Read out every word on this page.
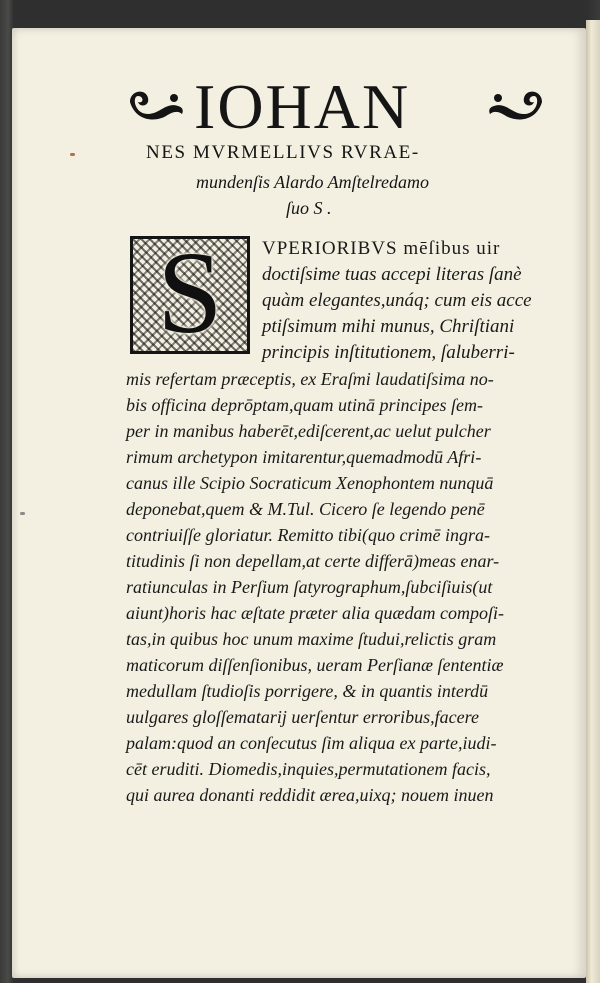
IOHAN
NES MVRMELLIVS RVRAE-
mundenſis Alardo Amſtelredamo
ſuo S .
S	VPERIORIBVS mēſibus uir
doctiſsime tuas accepi literas ſanè
quàm elegantes,unáq; cum eis acce
ptiſsimum mihi munus, Chriſtiani
principis inſtitutionem, ſaluberri-
mis refertam præceptis, ex Eraſmi laudatiſsima no-
bis officina deprōptam,quam utinā principes ſem-
per in manibus haberēt,ediſcerent,ac uelut pulcher
rimum archetypon imitarentur,quemadmodū Afri-
canus ille Scipio Socraticum Xenophontem nunquā
deponebat,quem & M.Tul. Cicero ſe legendo penē
contriuiſſe gloriatur. Remitto tibi(quo crimē ingra-
titudinis ſi non depellam,at certe differā)meas enar-
ratiunculas in Perſium ſatyrographum,ſubciſiuis(ut
aiunt)horis hac æſtate præter alia quædam compoſi-
tas,in quibus hoc unum maxime ſtudui,relictis gram
maticorum diſſenſionibus, ueram Perſianæ ſententiæ
medullam ſtudioſis porrigere, & in quantis interdū
uulgares gloſſematarij uerſentur erroribus,facere
palam:quod an conſecutus ſim aliqua ex parte,iudi-
cēt eruditi. Diomedis,inquies,permutationem facis,
qui aurea donanti reddidit ærea,uixq; nouem inuen
